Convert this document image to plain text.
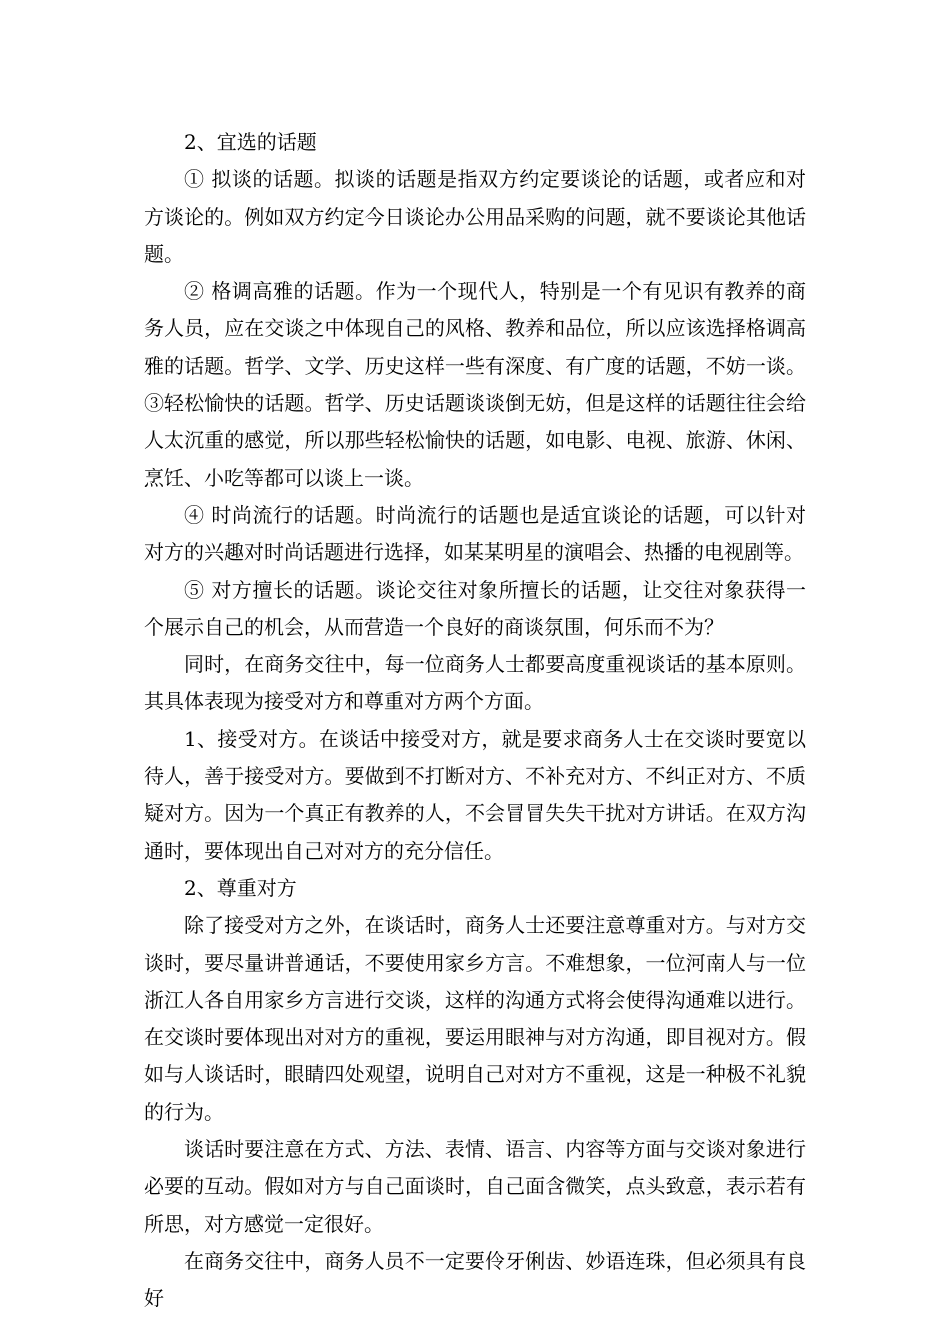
2、宜选的话题

① 拟谈的话题。拟谈的话题是指双方约定要谈论的话题，或者应和对方谈论的。例如双方约定今日谈论办公用品采购的问题，就不要谈论其他话题。

② 格调高雅的话题。作为一个现代人，特别是一个有见识有教养的商务人员，应在交谈之中体现自己的风格、教养和品位，所以应该选择格调高雅的话题。哲学、文学、历史这样一些有深度、有广度的话题，不妨一谈。③轻松愉快的话题。哲学、历史话题谈谈倒无妨，但是这样的话题往往会给人太沉重的感觉，所以那些轻松愉快的话题，如电影、电视、旅游、休闲、烹饪、小吃等都可以谈上一谈。

④ 时尚流行的话题。时尚流行的话题也是适宜谈论的话题，可以针对对方的兴趣对时尚话题进行选择，如某某明星的演唱会、热播的电视剧等。

⑤ 对方擅长的话题。谈论交往对象所擅长的话题，让交往对象获得一个展示自己的机会，从而营造一个良好的商谈氛围，何乐而不为？

同时，在商务交往中，每一位商务人士都要高度重视谈话的基本原则。其具体表现为接受对方和尊重对方两个方面。

1、接受对方。在谈话中接受对方，就是要求商务人士在交谈时要宽以待人，善于接受对方。要做到不打断对方、不补充对方、不纠正对方、不质疑对方。因为一个真正有教养的人，不会冒冒失失干扰对方讲话。在双方沟通时，要体现出自己对对方的充分信任。

2、尊重对方

除了接受对方之外，在谈话时，商务人士还要注意尊重对方。与对方交谈时，要尽量讲普通话，不要使用家乡方言。不难想象，一位河南人与一位浙江人各自用家乡方言进行交谈，这样的沟通方式将会使得沟通难以进行。在交谈时要体现出对对方的重视，要运用眼神与对方沟通，即目视对方。假如与人谈话时，眼睛四处观望，说明自己对对方不重视，这是一种极不礼貌的行为。

谈话时要注意在方式、方法、表情、语言、内容等方面与交谈对象进行必要的互动。假如对方与自己面谈时，自己面含微笑，点头致意，表示若有所思，对方感觉一定很好。

在商务交往中，商务人员不一定要伶牙俐齿、妙语连珠，但必须具有良好
